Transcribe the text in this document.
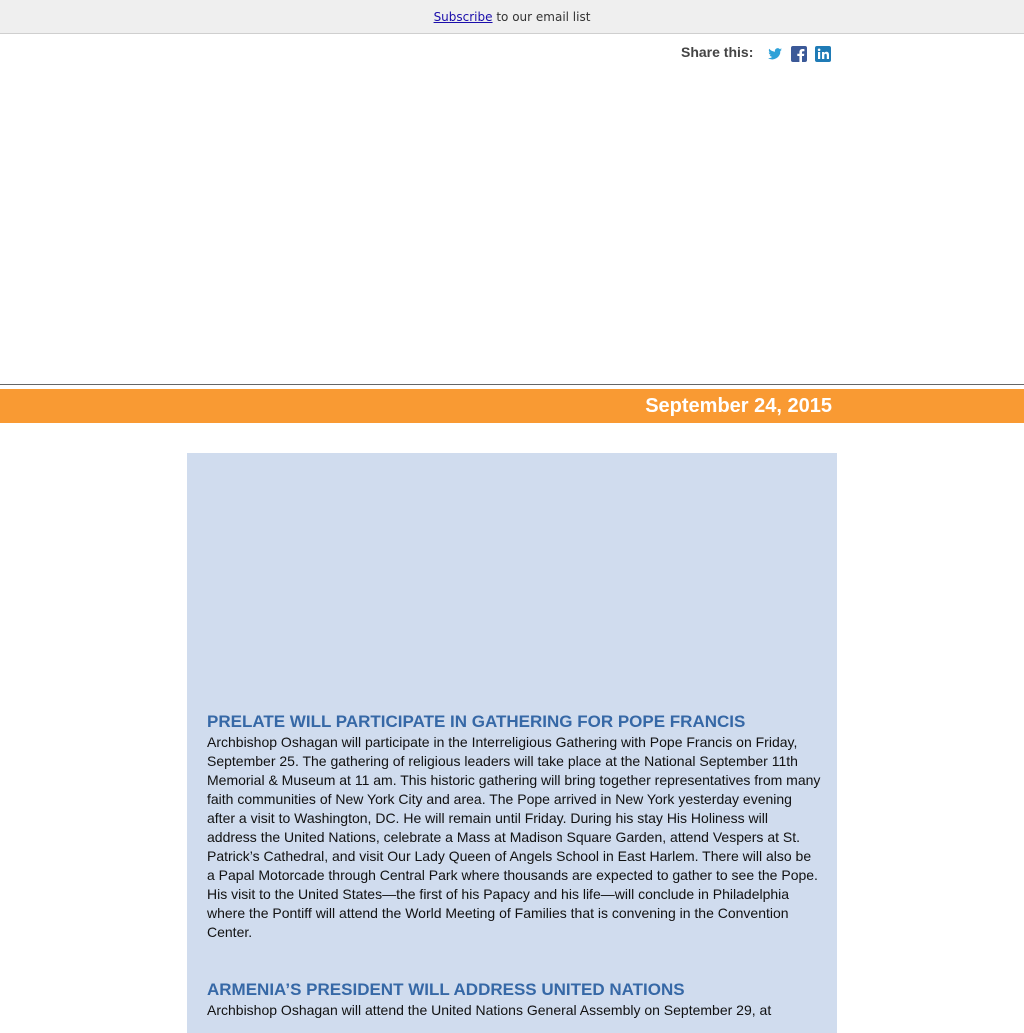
Subscribe to our email list
Share this:
September 24, 2015
PRELATE WILL PARTICIPATE IN GATHERING FOR POPE FRANCIS

Archbishop Oshagan will participate in the Interreligious Gathering with Pope Francis on Friday, September 25. The gathering of religious leaders will take place at the National September 11th Memorial & Museum at 11 am. This historic gathering will bring together representatives from many faith communities of New York City and area. The Pope arrived in New York yesterday evening after a visit to Washington, DC. He will remain until Friday. During his stay His Holiness will address the United Nations, celebrate a Mass at Madison Square Garden, attend Vespers at St. Patrick’s Cathedral, and visit Our Lady Queen of Angels School in East Harlem. There will also be a Papal Motorcade through Central Park where thousands are expected to gather to see the Pope. His visit to the United States—the first of his Papacy and his life—will conclude in Philadelphia where the Pontiff will attend the World Meeting of Families that is convening in the Convention Center.

ARMENIA’S PRESIDENT WILL ADDRESS UNITED NATIONS

Archbishop Oshagan will attend the United Nations General Assembly on September 29, at
